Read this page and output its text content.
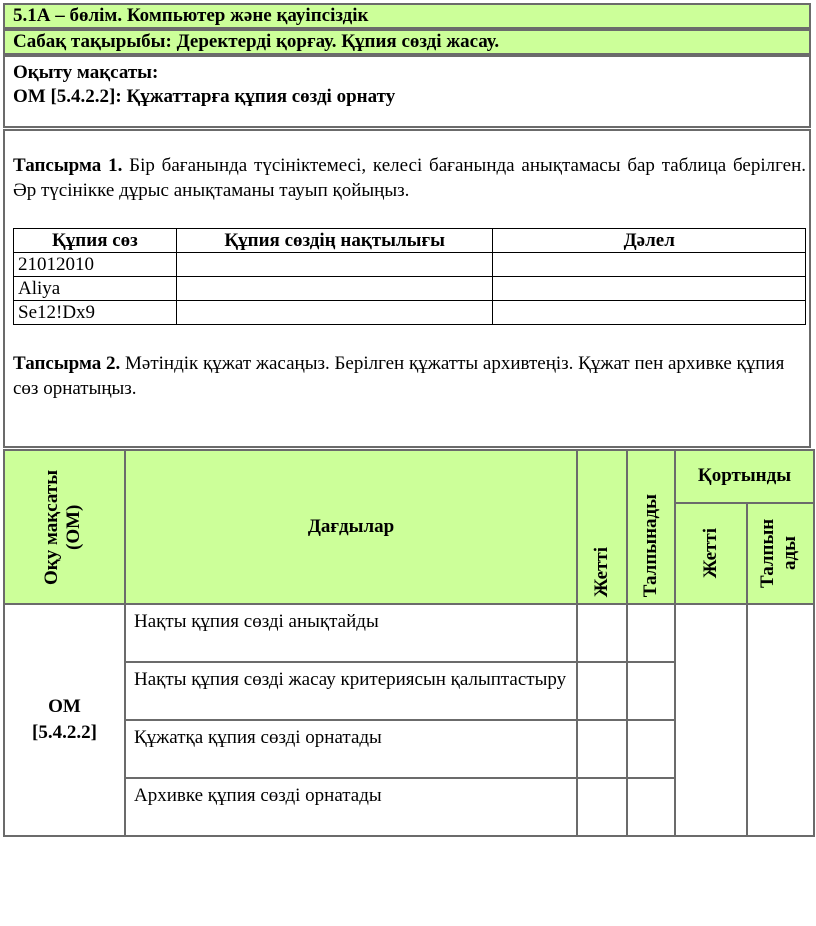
5.1А – бөлім. Компьютер және қауіпсіздік
Сабақ тақырыбы: Деректерді қорғау. Құпия сөзді жасау.
Оқыту мақсаты:
ОМ [5.4.2.2]: Құжаттарға құпия сөзді орнату
Тапсырма 1. Бір бағанында түсініктемесі, келесі бағанында анықтамасы бар таблица берілген. Әр түсінікке дұрыс анықтаманы тауып қойыңыз.
Құпия сөз	Құпия сөздің нақтылығы	Дәлел
21012010		
Aliya		
Se12!Dx9		
Тапсырма 2. Мәтіндік құжат жасаңыз. Берілген құжатты архивтеңіз. Құжат пен архивке құпия сөз орнатыңыз.
Оқу мақсаты (ОМ)	Дағдылар	Жетті	Талпынады	Қортынды	

				Жетті	Талпын ады

ОМ [5.4.2.2]	Нақты құпия сөзді анықтайды				
	Нақты құпия сөзді жасау критериясын қалыптастыру				
	Құжатқа құпия сөзді орнатады				
	Архивке құпия сөзді орнатады				
